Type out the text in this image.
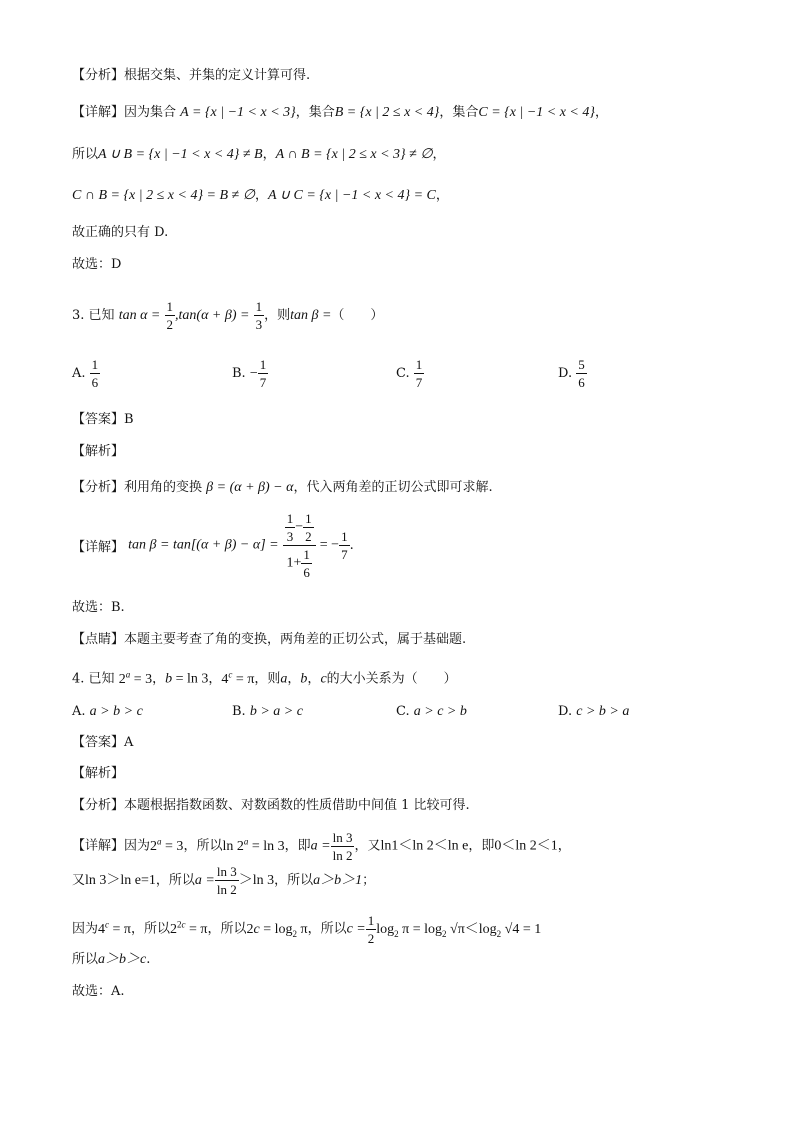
【分析】根据交集、并集的定义计算可得.
【详解】因为集合 A = {x | −1 < x < 3}，集合B = {x | 2 ≤ x < 4}，集合C = {x | −1 < x < 4}，
所以A ∪ B = {x | −1 < x < 4} ≠ B，A ∩ B = {x | 2 ≤ x < 3} ≠ ∅，
C ∩ B = {x | 2 ≤ x < 4} = B ≠ ∅，A ∪ C = {x | −1 < x < 4} = C，
故正确的只有 D.
故选：D
3. 已知 $\tan \alpha = \frac{1}{2} ,\tan(\alpha + \beta) = \frac{1}{3}$ ，则tan β =（　　）
A. $\frac{1}{6}$	B. − $\frac{1}{7}$	C. $\frac{1}{7}$	D. $\frac{5}{6}$
【答案】B
【解析】
【分析】利用角的变换 β = (α + β) − α，代入两角差的正切公式即可求解.
【详解】 $\tan \beta = \tan[(\alpha + \beta) - \alpha] = \frac{\frac{1}{3} - \frac{1}{2}}{1+ \frac{1}{6}}$ = − $\frac{1}{7}$ .
故选：B.
【点睛】本题主要考查了角的变换，两角差的正切公式，属于基础题.
4. 已知 $2^a = 3$，b = ln 3，$4^c = \pi$，则a，b，c的大小关系为（　　）
A. a > b > c	B. b > a > c	C. a > c > b	D. c > b > a
【答案】A
【解析】
【分析】本题根据指数函数、对数函数的性质借助中间值 1 比较可得.
【详解】因为$2^a = 3$，所以$\ln 2^a = \ln 3$，即$a = \frac{\ln 3}{\ln 2}$ ，又ln1＜ln 2＜ln e，即0＜ln 2＜1，
又ln 3＞ln e=1，所以$a = \frac{\ln 3}{\ln 2} >\ln$ 3，所以a＞b＞1；
因为$4^c = \pi$，所以$2^{2c} = \pi$，所以$2c = \log_2 \pi$，所以$c = \frac{1}{2} \log_2 \pi = \log_2 √\pi<\log_2$ √4 = 1
所以a＞b＞c.
故选：A.
